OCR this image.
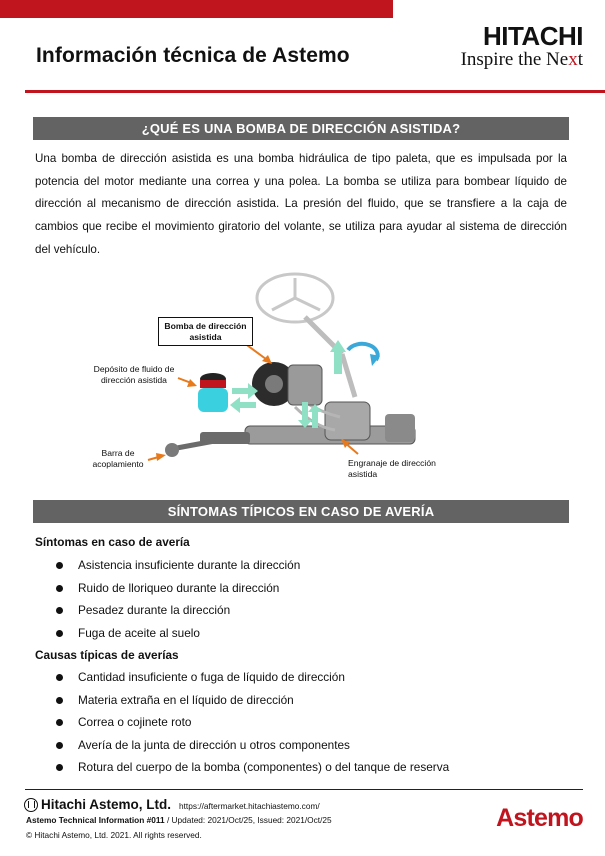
Información técnica de Astemo
HITACHI
Inspire the Next
¿QUÉ ES UNA BOMBA DE DIRECCIÓN ASISTIDA?

Una bomba de dirección asistida es una bomba hidráulica de tipo paleta, que es impulsada por la potencia del motor mediante una correa y una polea. La bomba se utiliza para bombear líquido de dirección al mecanismo de dirección asistida. La presión del fluido, que se transfiere a la caja de cambios que recibe el movimiento giratorio del volante, se utiliza para ayudar al sistema de dirección del vehículo.

Bomba de dirección asistida
Depósito de fluido de dirección asistida
Barra de acoplamiento	Engranaje de dirección asistida
SÍNTOMAS TÍPICOS EN CASO DE AVERÍA
Síntomas en caso de avería
Asistencia insuficiente durante la dirección
Ruido de lloriqueo durante la dirección
Pesadez durante la dirección
Fuga de aceite al suelo
Causas típicas de averías
Cantidad insuficiente o fuga de líquido de dirección
Materia extraña en el líquido de dirección
Correa o cojinete roto
Avería de la junta de dirección u otros componentes
Rotura del cuerpo de la bomba (componentes) o del tanque de reserva
Hitachi Astemo, Ltd. https://aftermarket.hitachiastemo.com/
Astemo Technical Information #011 / Updated: 2021/Oct/25, Issued: 2021/Oct/25
© Hitachi Astemo, Ltd. 2021. All rights reserved.
Astemo
